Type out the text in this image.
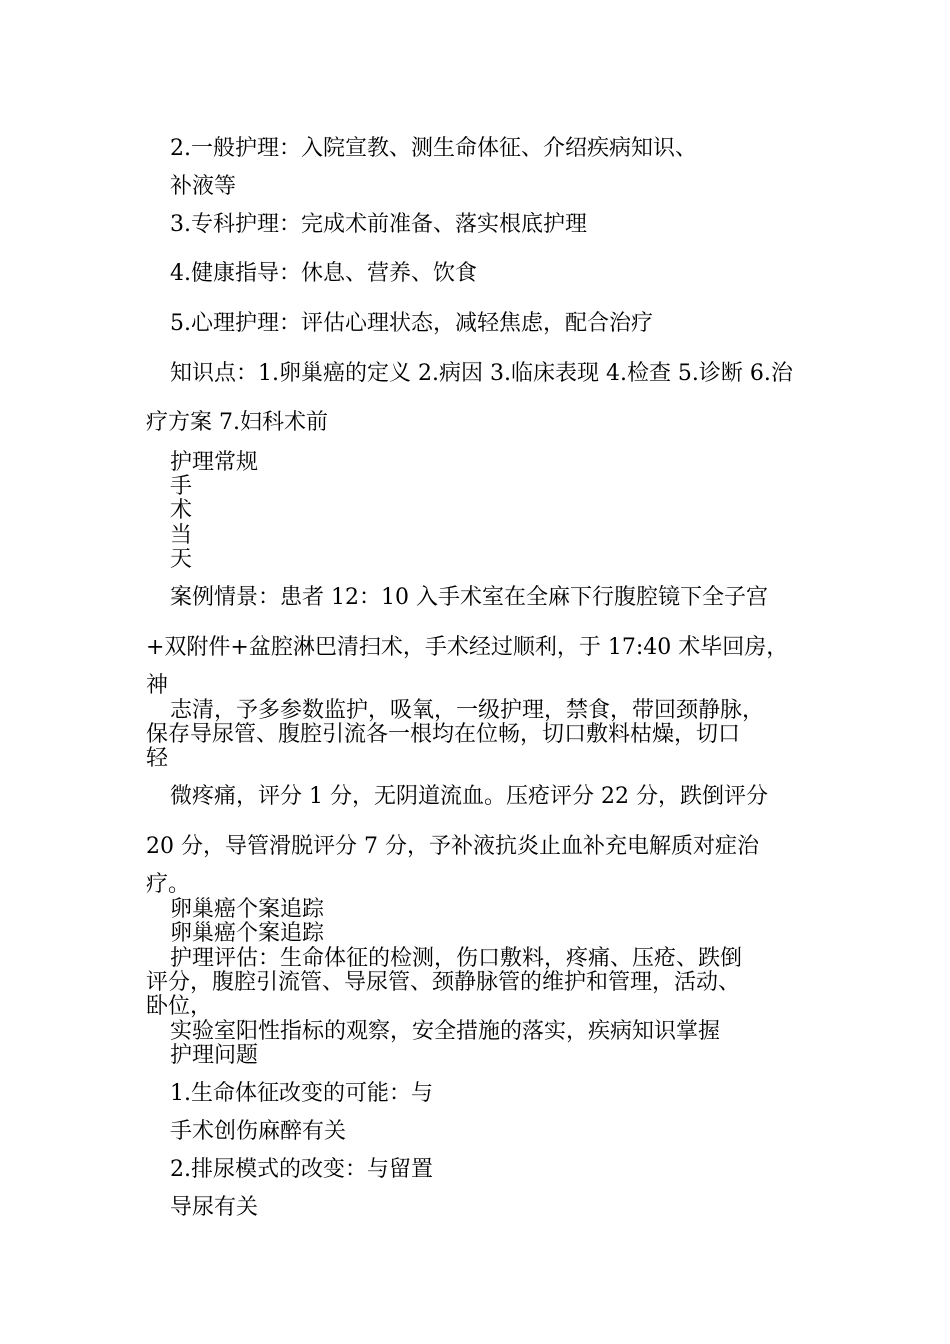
2.一般护理：入院宣教、测生命体征、介绍疾病知识、
补液等
3.专科护理：完成术前准备、落实根底护理
4.健康指导：休息、营养、饮食
5.心理护理：评估心理状态，减轻焦虑，配合治疗
知识点：1.卵巢癌的定义 2.病因 3.临床表现 4.检查 5.诊断 6.治
疗方案 7.妇科术前
护理常规
手
术
当
天
案例情景：患者 12：10 入手术室在全麻下行腹腔镜下全子宫
+双附件+盆腔淋巴清扫术，手术经过顺利，于 17:40 术毕回房，
神
志清，予多参数监护，吸氧，一级护理，禁食，带回颈静脉，
保存导尿管、腹腔引流各一根均在位畅，切口敷料枯燥，切口
轻
微疼痛，评分 1 分，无阴道流血。压疮评分 22 分，跌倒评分
20 分，导管滑脱评分 7 分，予补液抗炎止血补充电解质对症治
疗。
卵巢癌个案追踪
卵巢癌个案追踪
护理评估：生命体征的检测，伤口敷料，疼痛、压疮、跌倒
评分，腹腔引流管、导尿管、颈静脉管的维护和管理，活动、
卧位，
实验室阳性指标的观察，安全措施的落实，疾病知识掌握
护理问题
1.生命体征改变的可能：与
手术创伤麻醉有关
2.排尿模式的改变：与留置
导尿有关
